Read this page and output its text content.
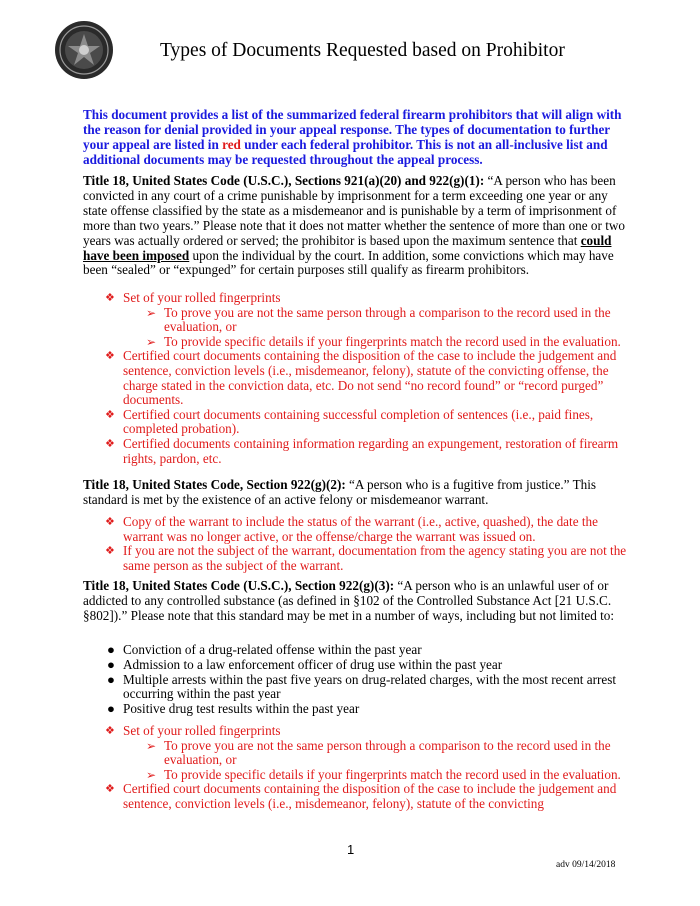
Types of Documents Requested based on Prohibitor
This document provides a list of the summarized federal firearm prohibitors that will align with the reason for denial provided in your appeal response. The types of documentation to further your appeal are listed in red under each federal prohibitor. This is not an all-inclusive list and additional documents may be requested throughout the appeal process.
Title 18, United States Code (U.S.C.), Sections 921(a)(20) and 922(g)(1): “A person who has been convicted in any court of a crime punishable by imprisonment for a term exceeding one year or any state offense classified by the state as a misdemeanor and is punishable by a term of imprisonment of more than two years.” Please note that it does not matter whether the sentence of more than one or two years was actually ordered or served; the prohibitor is based upon the maximum sentence that could have been imposed upon the individual by the court. In addition, some convictions which may have been “sealed” or “expunged” for certain purposes still qualify as firearm prohibitors.
❖ Set of your rolled fingerprints
➢ To prove you are not the same person through a comparison to the record used in the evaluation, or
➢ To provide specific details if your fingerprints match the record used in the evaluation.
❖ Certified court documents containing the disposition of the case to include the judgement and sentence, conviction levels (i.e., misdemeanor, felony), statute of the convicting offense, the charge stated in the conviction data, etc. Do not send “no record found” or “record purged” documents.
❖ Certified court documents containing successful completion of sentences (i.e., paid fines, completed probation).
❖ Certified documents containing information regarding an expungement, restoration of firearm rights, pardon, etc.
Title 18, United States Code, Section 922(g)(2): “A person who is a fugitive from justice.” This standard is met by the existence of an active felony or misdemeanor warrant.
❖ Copy of the warrant to include the status of the warrant (i.e., active, quashed), the date the warrant was no longer active, or the offense/charge the warrant was issued on.
❖ If you are not the subject of the warrant, documentation from the agency stating you are not the same person as the subject of the warrant.
Title 18, United States Code (U.S.C.), Section 922(g)(3): “A person who is an unlawful user of or addicted to any controlled substance (as defined in §102 of the Controlled Substance Act [21 U.S.C. §802]).” Please note that this standard may be met in a number of ways, including but not limited to:
● Conviction of a drug-related offense within the past year
● Admission to a law enforcement officer of drug use within the past year
● Multiple arrests within the past five years on drug-related charges, with the most recent arrest occurring within the past year
● Positive drug test results within the past year
❖ Set of your rolled fingerprints
➢ To prove you are not the same person through a comparison to the record used in the evaluation, or
➢ To provide specific details if your fingerprints match the record used in the evaluation.
❖ Certified court documents containing the disposition of the case to include the judgement and sentence, conviction levels (i.e., misdemeanor, felony), statute of the convicting
1
adv 09/14/2018
